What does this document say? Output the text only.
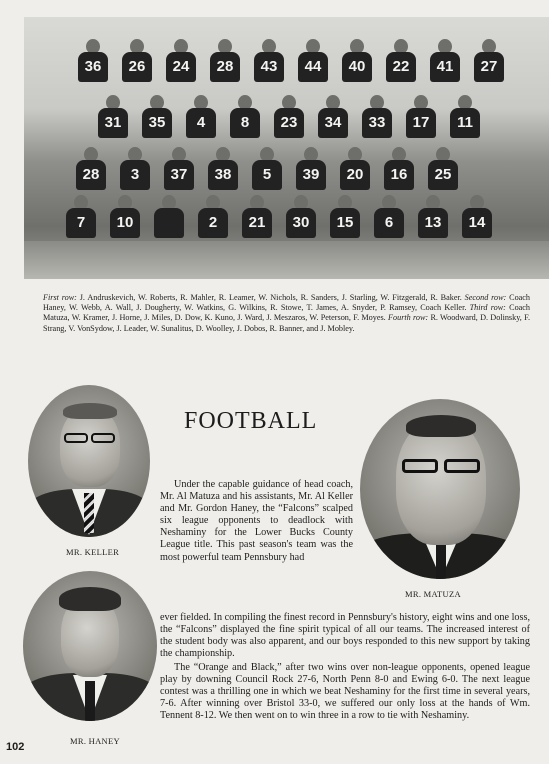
36	26	24	28	43	44	40	22	41	27
31	35	4	8	23	34	33	17	11
28	3	37	38	5	39	20	16	25
7	10	2	21	30	15	6	13	14
First row: J. Andruskevich, W. Roberts, R. Mahler, R. Leamer, W. Nichols, R. Sanders, J. Starling, W. Fitzgerald, R. Baker. Second row: Coach Haney, W. Webb, A. Wall, J. Dougherty, W. Watkins, G. Wilkins, R. Stowe, T. James, A. Snyder, P. Ramsey, Coach Keller. Third row: Coach Matuza, W. Kramer, J. Horne, J. Miles, D. Dow, K. Kuno, J. Ward, J. Meszaros, W. Peterson, F. Moyes. Fourth row: R. Woodward, D. Dolinsky, F. Strang, V. VonSydow, J. Leader, W. Sunalitus, D. Woolley, J. Dobos, R. Banner, and J. Mobley.
MR. KELLER
MR. MATUZA
MR. HANEY
FOOTBALL

Under the capable guidance of head coach, Mr. Al Matuza and his assistants, Mr. Al Keller and Mr. Gordon Haney, the “Falcons” scalped six league opponents to deadlock with Neshaminy for the Lower Bucks County League title. This past season's team was the most powerful team Pennsbury had

ever fielded. In compiling the finest record in Pennsbury's history, eight wins and one loss, the “Falcons” displayed the fine spirit typical of all our teams. The increased interest of the student body was also apparent, and our boys responded to this new support by taking the championship.

The “Orange and Black,” after two wins over non-league opponents, opened league play by downing Council Rock 27-6, North Penn 8-0 and Ewing 6-0. The next league contest was a thrilling one in which we beat Neshaminy for the first time in several years, 7-6. After winning over Bristol 33-0, we suffered our only loss at the hands of Wm. Tennent 8-12. We then went on to win three in a row to tie with Neshaminy.

102
